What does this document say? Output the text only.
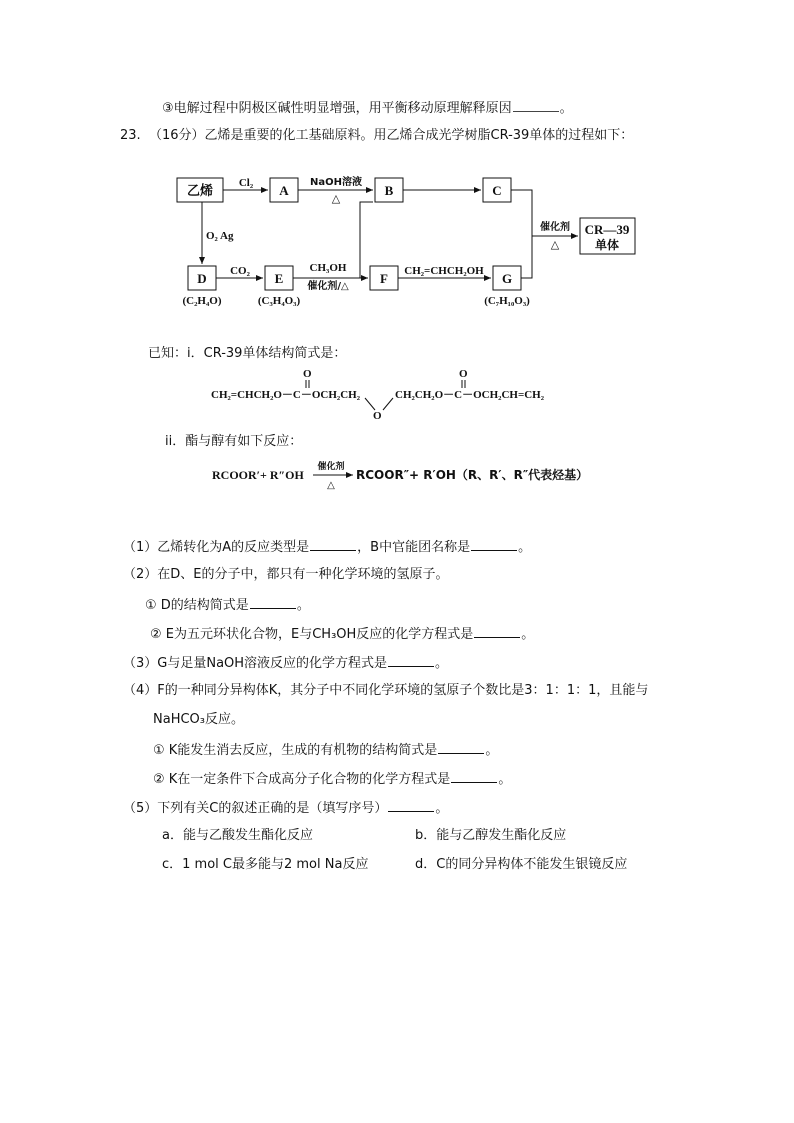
③电解过程中阴极区碱性明显增强，用平衡移动原理解释原因	。
23. （16分）乙烯是重要的化工基础原料。用乙烯合成光学树脂CR-39单体的过程如下：
乙烯	A	B	C
CR—39
单体
D	E	F	G
Cl₂	NaOH溶液
△
O₂ Ag
CO₂	CH₃OH
催化剂/△
CH₂=CHCH₂OH
催化剂
△
(C₂H₄O)	(C₃H₄O₃)	(C₇H₁₀O₃)
已知：i．CR-39单体结构简式是：
CH₂=CHCH₂O－C－OCH₂CH₂	CH₂CH₂O－C－OCH₂CH=CH₂
O	O
O
ii．酯与醇有如下反应：
RCOOR′+ R″OH
催化剂
△
RCOOR″+ R′OH（R、R′、R″代表烃基）
（1）乙烯转化为A的反应类型是	，B中官能团名称是	。
（2）在D、E的分子中，都只有一种化学环境的氢原子。
① D的结构简式是	。
② E为五元环状化合物，E与CH₃OH反应的化学方程式是	。
（3）G与足量NaOH溶液反应的化学方程式是	。
（4）F的一种同分异构体K，其分子中不同化学环境的氢原子个数比是3：1：1：1，且能与
NaHCO₃反应。
① K能发生消去反应，生成的有机物的结构简式是	。
② K在一定条件下合成高分子化合物的化学方程式是	。
（5）下列有关C的叙述正确的是（填写序号）	。
a．能与乙酸发生酯化反应	b．能与乙醇发生酯化反应
c．1 mol C最多能与2 mol Na反应	d．C的同分异构体不能发生银镜反应
